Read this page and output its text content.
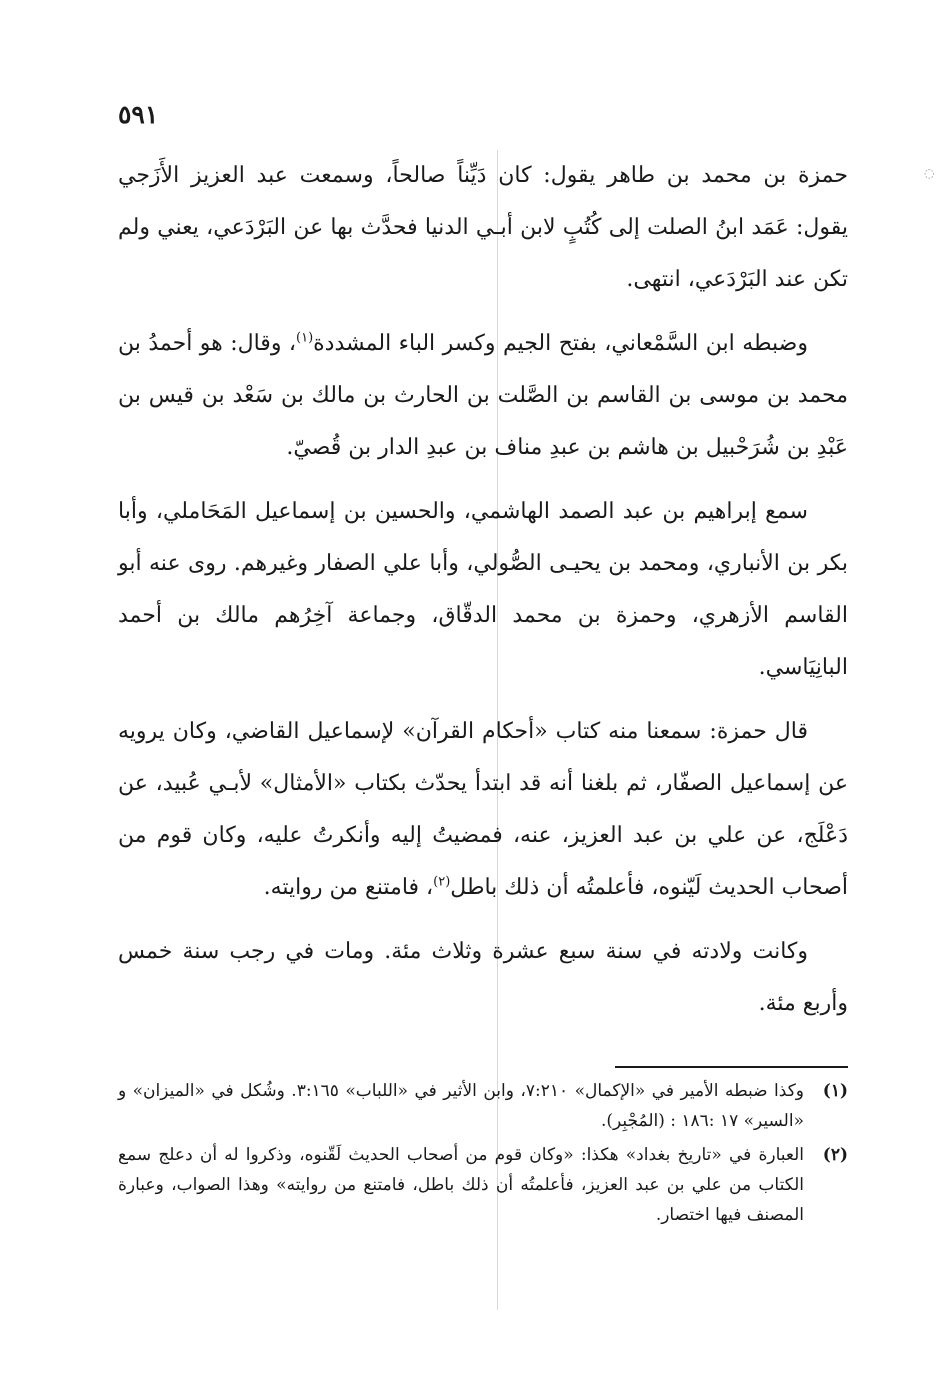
◌
٥٩١

حمزة بن محمد بن طاهر يقول: كان دَيِّناً صالحاً، وسمعت عبد العزيز الأَزَجي يقول: عَمَد ابنُ الصلت إلى كُتُبٍ لابن أبـي الدنيا فحدَّث بها عن البَرْدَعي، يعني ولم تكن عند البَرْدَعي، انتهى.

وضبطه ابن السَّمْعاني، بفتح الجيم وكسر الباء المشددة$^{(١)}$، وقال: هو أحمدُ بن محمد بن موسى بن القاسم بن الصَّلت بن الحارث بن مالك بن سَعْد بن قيس بن عَبْدِ بن شُرَحْبيل بن هاشم بن عبدِ مناف بن عبدِ الدار بن قُصيّ.

سمع إبراهيم بن عبد الصمد الهاشمي، والحسين بن إسماعيل المَحَاملي، وأبا بكر بن الأنباري، ومحمد بن يحيـى الصُّولي، وأبا علي الصفار وغيرهم. روى عنه أبو القاسم الأزهري، وحمزة بن محمد الدقّاق، وجماعة آخِرُهم مالك بن أحمد البانِيَاسي.

قال حمزة: سمعنا منه كتاب «أحكام القرآن» لإسماعيل القاضي، وكان يرويه عن إسماعيل الصفّار، ثم بلغنا أنه قد ابتدأ يحدّث بكتاب «الأمثال» لأبـي عُبيد، عن دَعْلَج، عن علي بن عبد العزيز، عنه، فمضيتُ إليه وأنكرتُ عليه، وكان قوم من أصحاب الحديث لَيّنوه، فأعلمتُه أن ذلك باطل$^{(٢)}$، فامتنع من روايته.

وكانت ولادته في سنة سبع عشرة وثلاث مئة. ومات في رجب سنة خمس وأربع مئة.

(١)
وكذا ضبطه الأمير في «الإكمال» ٧:٢١٠، وابن الأثير في «اللباب» ٣:١٦٥. وشُكل في «الميزان» و «السير» ١٧ :١٨٦ : (المُجْبِر).
(٢)
العبارة في «تاريخ بغداد» هكذا: «وكان قوم من أصحاب الحديث لَقّنوه، وذكروا له أن دعلج سمع الكتاب من علي بن عبد العزيز، فأعلمتُه أن ذلك باطل، فامتنع من روايته» وهذا الصواب، وعبارة المصنف فيها اختصار.
